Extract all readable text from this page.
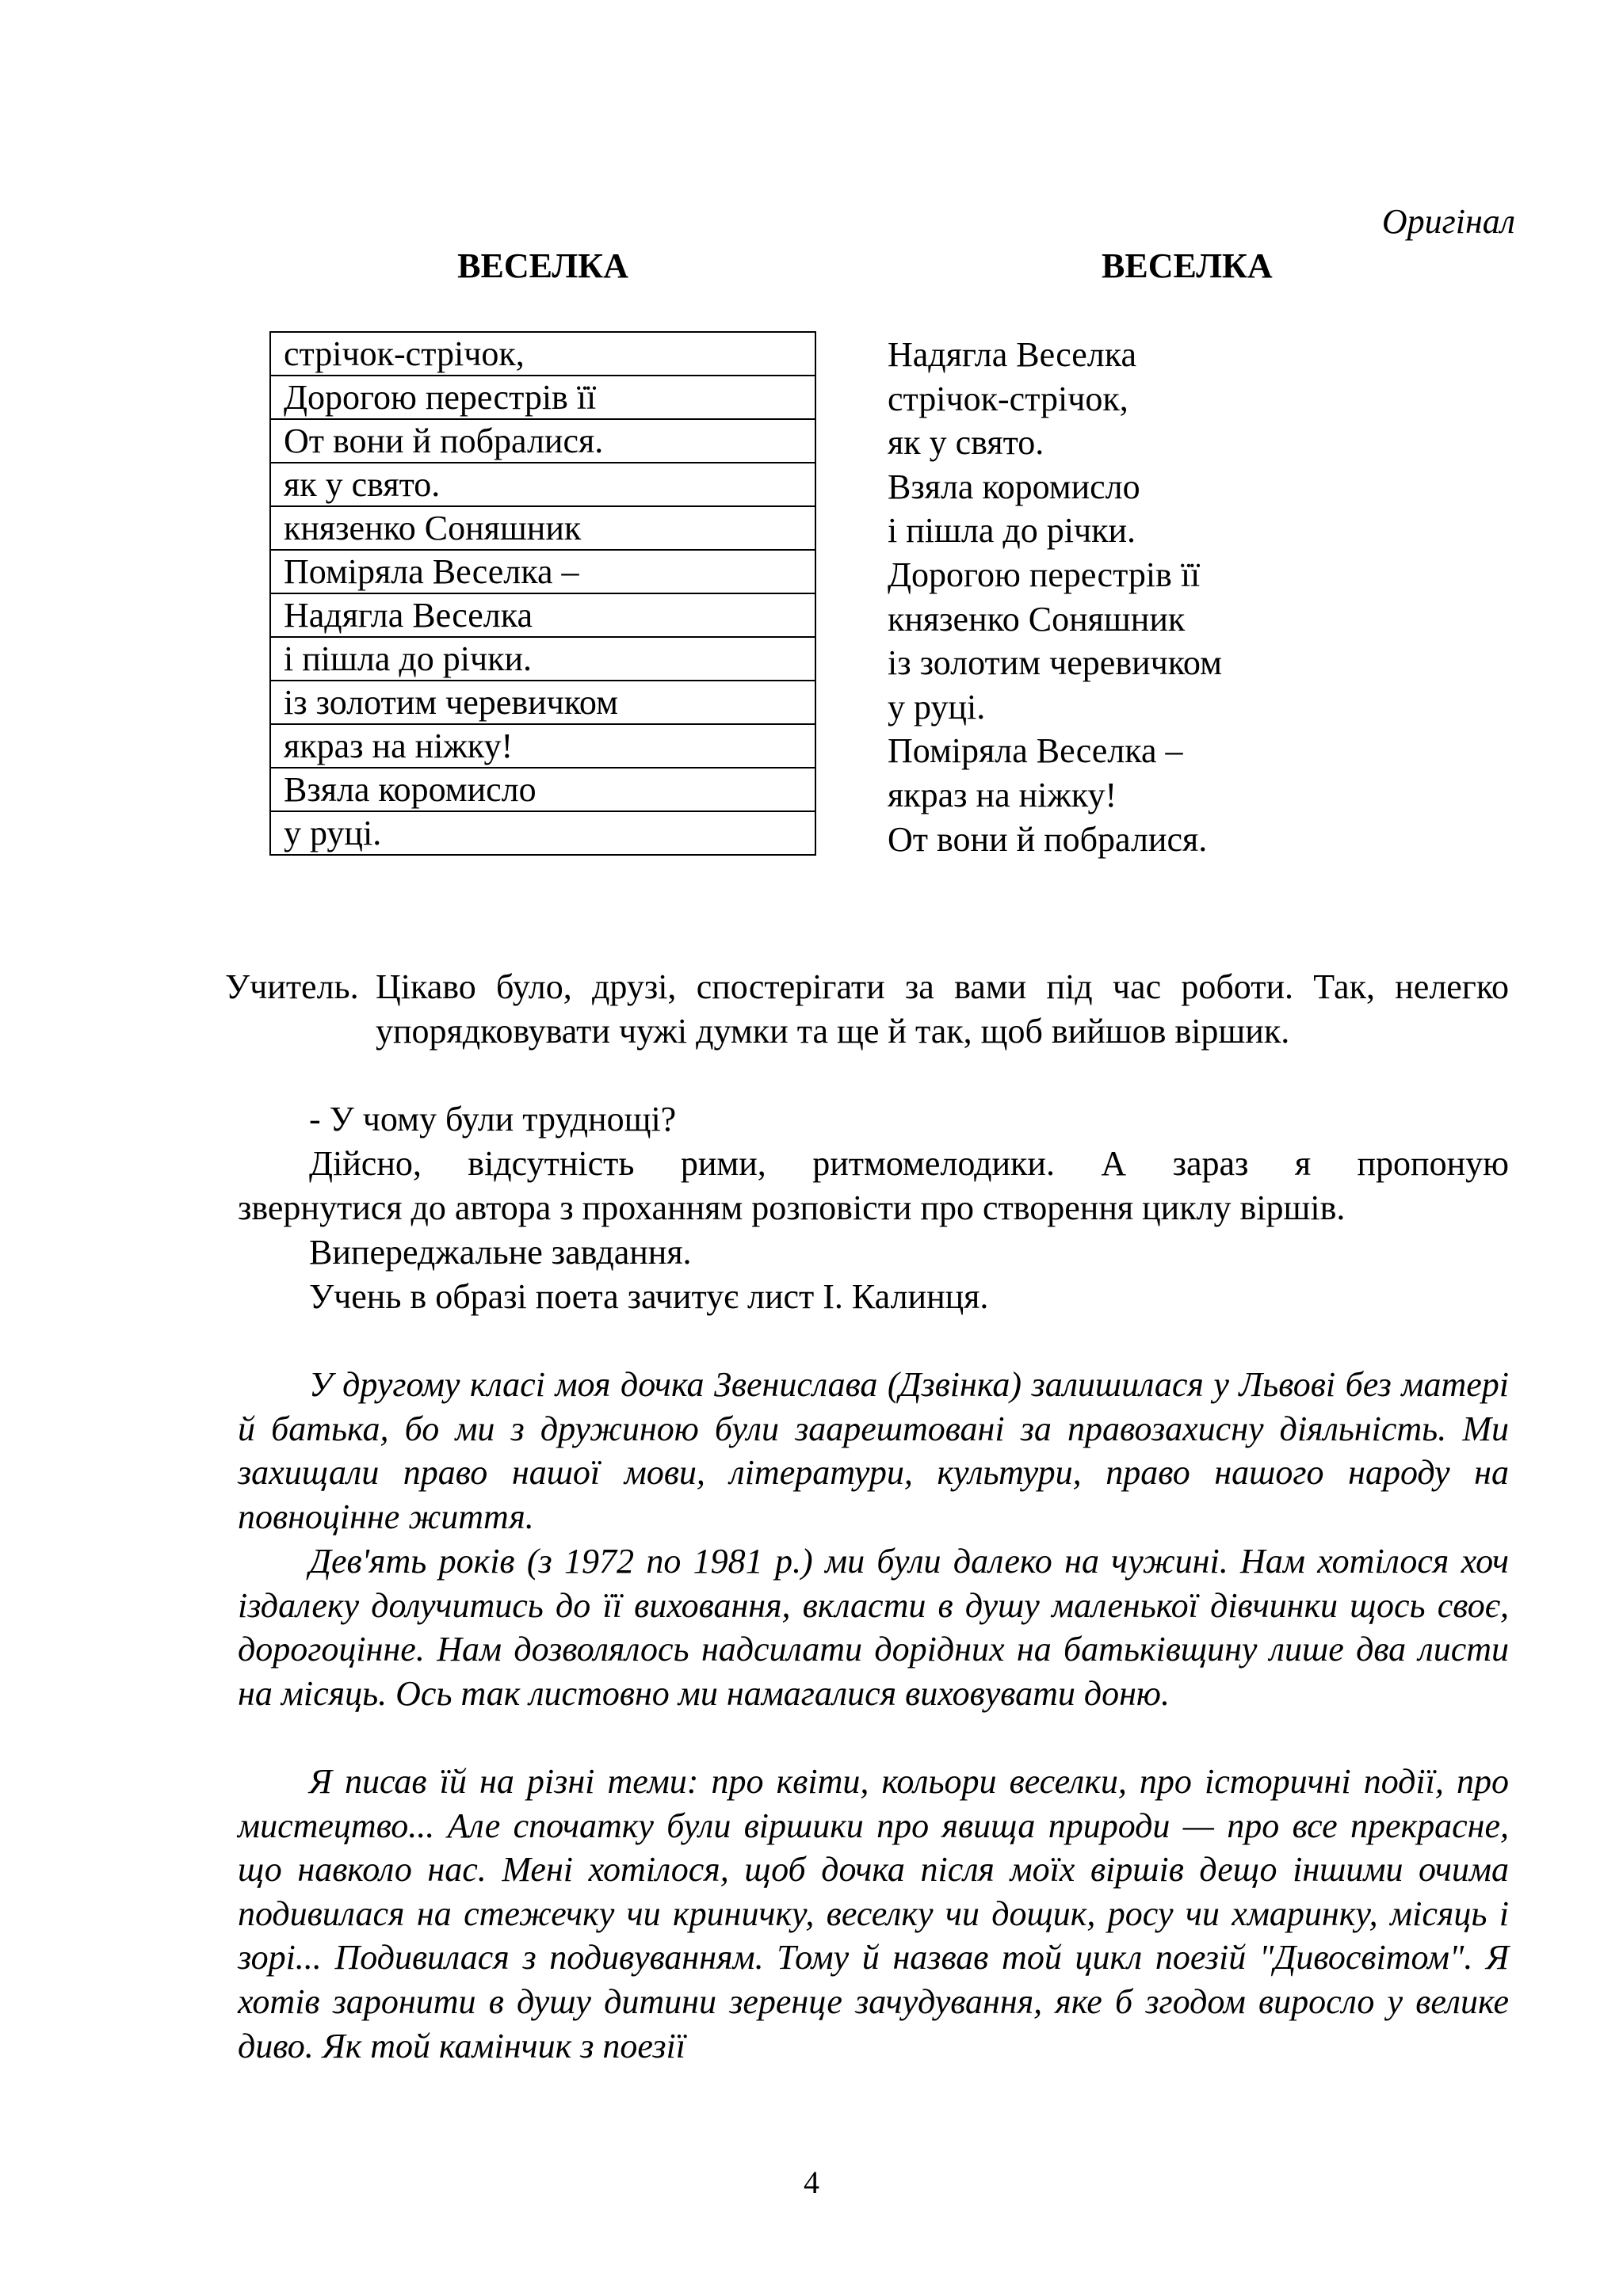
Оригінал
ВЕСЕЛКА	ВЕСЕЛКА
стрічок-стрічок,
Дорогою перестрів її
От вони й побралися.
як у свято.
князенко Соняшник
Поміряла Веселка –
Надягла Веселка
і пішла до річки.
із золотим черевичком
якраз на ніжку!
Взяла коромисло
у руці.
Надягла Веселка
стрічок-стрічок,
як у свято.
Взяла коромисло
і пішла до річки.
Дорогою перестрів її
князенко Соняшник
із золотим черевичком
у руці.
Поміряла Веселка –
якраз на ніжку!
От вони й побралися.
Учитель. Цікаво було, друзі, спостерігати за вами під час роботи. Так, нелегко упорядковувати чужі думки та ще й так, щоб вийшов віршик.
- У чому були труднощі?
Дійсно, відсутність рими, ритмомелодики. А зараз я пропоную
звернутися до автора з проханням розповісти про створення циклу віршів.
Випереджальне завдання.
Учень в образі поета зачитує лист І. Калинця.
У другому класі моя дочка Звенислава (Дзвінка) залишилася у Львові без матері й батька, бо ми з дружиною були заарештовані за правозахисну діяльність. Ми захищали право нашої мови, літератури, культури, право нашого народу на повноцінне життя.
Дев'ять років (з 1972 по 1981 р.) ми були далеко на чужині. Нам хотілося хоч іздалеку долучитись до її виховання, вкласти в душу маленької дівчинки щось своє, дорогоцінне. Нам дозволялось надсилати дорідних на батьківщину лише два листи на місяць. Ось так листовно ми намагалися виховувати доню.
Я писав їй на різні теми: про квіти, кольори веселки, про історичні події, про мистецтво... Але спочатку були віршики про явища природи — про все прекрасне, що навколо нас. Мені хотілося, щоб дочка після моїх віршів дещо іншими очима подивилася на стежечку чи криничку, веселку чи дощик, росу чи хмаринку, місяць і зорі... Подивилася з подивуванням. Тому й назвав той цикл поезій "Дивосвітом". Я хотів заронити в душу дитини зеренце зачудування, яке б згодом виросло у велике диво. Як той камінчик з поезії
4
